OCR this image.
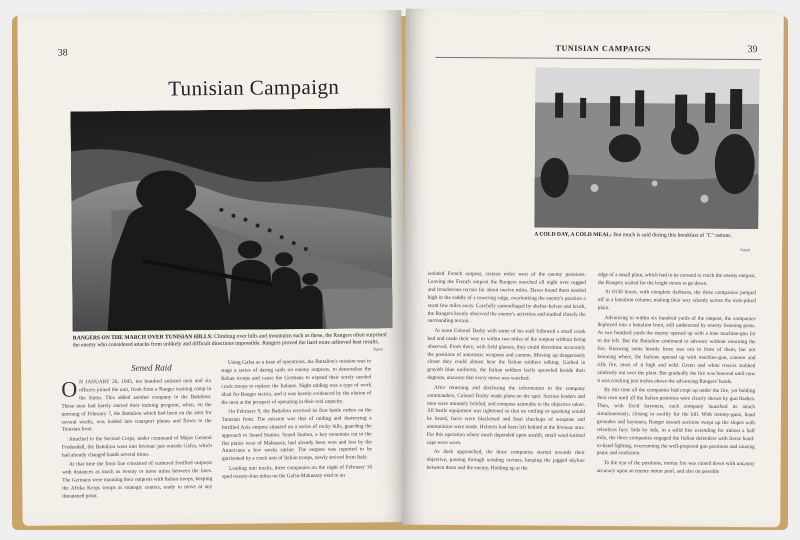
38
Tunisian Campaign
RANGERS ON THE MARCH OVER TUNISIAN HILLS: Climbing over hills and mountains such as these, the Rangers often surprised the enemy who considered attacks from unlikely and difficult directions impossible. Rangers proved the hard route achieved best results.
Signal
Sened Raid

O N JANUARY 26, 1943, ten hundred enlisted men and six officers joined the unit, fresh from a Ranger training camp in the States. This added another company to the Battalion. These men had barely started their training program, when, on the morning of February 7, the Battalion which had been on the alert for several weeks, was loaded into transport planes and flown to the Tunisian front.

Attached to the Second Corps, under command of Major General Fredendall, the Battalion went into bivouac just outside Gafsa, which had already changed hands several times.

At that time the front line consisted of scattered fortified outposts with distances as much as twenty or more miles between the lines. The Germans were manning their outposts with Italian troops, keeping the Afrika Korps troops at strategic centers, ready to move at any threatened point.

Using Gafsa as a base of operations, the Battalion's mission was to stage a series of daring raids on enemy outposts, to demoralize the Italian troops and cause the Germans to expend their sorely needed crack troops to replace the Italians. Night raiding was a type of work ideal for Ranger tactics, and it was keenly evidenced by the elation of the men at the prospect of operating in their real capacity.

On February 9, the Battalion received its first battle orders on the Tunisian front. The mission was that of raiding and destroying a fortified Axis outpost situated on a series of rocky hills, guarding the approach to Sened Station. Sened Station, a key mountain cut to the flat plains west of Maknassy, had already been won and lost by the Americans a few weeks earlier. The outpost was reported to be garrisoned by a crack unit of Italian troops, newly arrived from Italy.

Loading into trucks, three companies on the night of February 10 sped twenty-four miles on the Gafsa-Maknassy road to an

TUNISIAN CAMPAIGN	39
A COLD DAY, A COLD MEAL: But much is said during this breakfast of "C" rations.
Signal

isolated French outpost, sixteen miles west of the enemy positions. Leaving the French outpost the Rangers marched all night over rugged and treacherous terrain for about twelve miles. Dawn found them nestled high in the saddle of a towering ridge, overlooking the enemy's position a scant few miles away. Carefully camouflaged by shelter-halves and brush, the Rangers keenly observed the enemy's activities and studied closely the surrounding terrain.

At noon Colonel Darby with some of his staff followed a small creek bed and made their way to within two miles of the outpost without being observed. From there, with field glasses, they could determine accurately the positions of automatic weapons and cannon. Moving up dangerously closer they could almost hear the Italian soldiers talking. Garbed in grayish blue uniforms, the Italian soldiers lazily sprawled beside their dugouts, unaware that every move was watched.

After returning and disclosing the information to the company commanders, Colonel Darby made plans on the spot. Section leaders and men were minutely briefed, and compass azimuths to the objective taken. All battle equipment was tightened so that no rattling or speaking would be heard, faces were blackened and final checkups of weapons and ammunition were made. Helmets had been left behind at the bivouac area. For this operation where much depended upon stealth, small wool-knitted caps were worn.

As dusk approached, the three companies started towards their objective, passing through winding ravines, keeping the jagged skyline between them and the enemy. Holding up at the

edge of a small plain, which had to be crossed to reach the enemy outpost, the Rangers waited for the bright moon to go down.

At 0130 hours, with complete darkness, the three companies jumped off in a battalion column, making their way silently across the rock-pitted plain.

Advancing to within six hundred yards of the outpost, the companies deployed into a battalion front, still undetected by enemy listening posts. At two hundred yards the enemy opened up with a lone machine-gun far to the left. But the Battalion continued to advance without returning the fire. Knowing some hostile force was out in front of them, but not knowing where, the Italians opened up with machine-gun, cannon and rifle fire, most of it high and wild. Green and white tracers stabbed aimlessly out over the plain. But gradually the fire was lowered until now it was cracking just inches above the advancing Rangers' heads.

By this time all the companies had crept up under the fire, yet holding their own until all the Italian positions were clearly shown by gun flashes. Then, with fixed bayonets, each company launched its attack simultaneously, closing in swiftly for the kill. With tommy-guns, hand grenades and bayonets, Ranger assault sections swept up the slopes with relentless fury. Side by side, in a solid line extending for almost a half mile, the three companies engaged the Italian defenders with fierce hand-to-hand fighting, overrunning the well-prepared gun positions and causing panic and confusion.

To the rear of the positions, mortar fire was rained down with uncanny accuracy upon an enemy motor pool, and also on possible
